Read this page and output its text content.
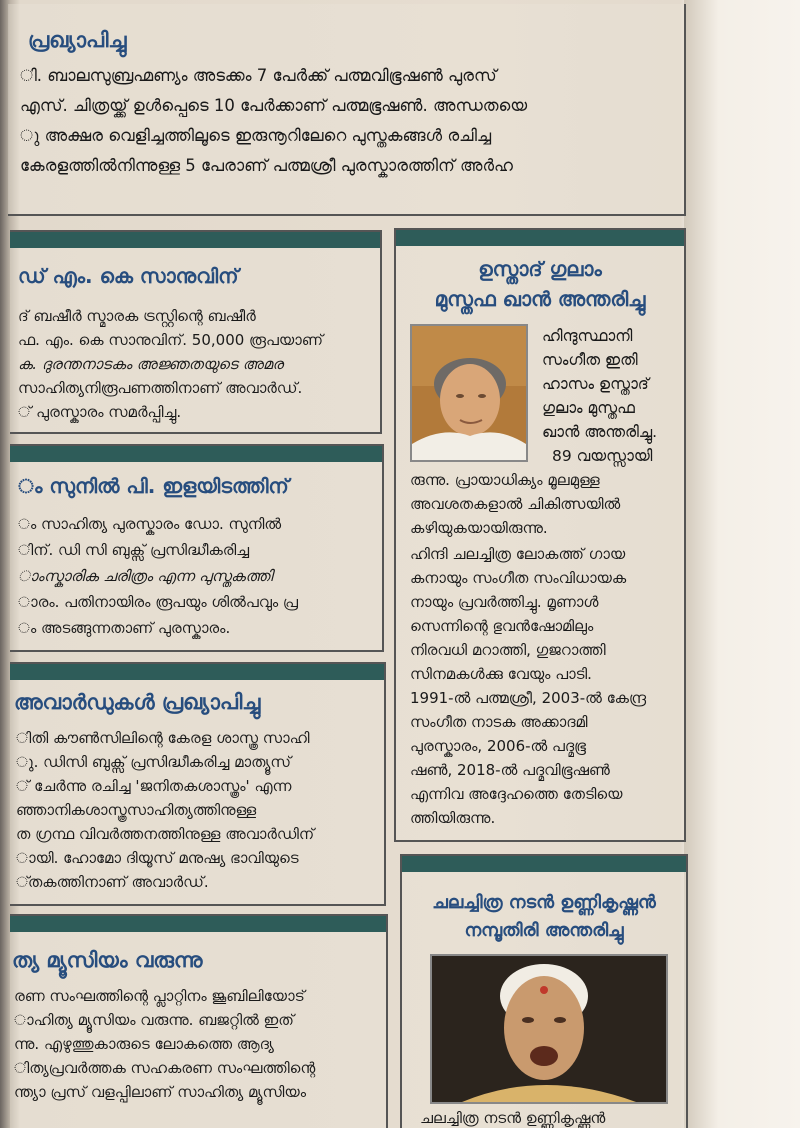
പ്രഖ്യാപിച്ചു
ി. ബാലസുബ്രഹ്മണ്യം അടക്കം 7 പേർക്ക് പത്മവിഭൂഷൺ പുരസ്
എസ്. ചിത്രയ്ക്ക് ഉൾപ്പെടെ 10 പേർക്കാണ് പത്മഭൂഷൺ. അന്ധതയെ
ു അക്ഷര വെളിച്ചത്തിലൂടെ ഇരുനൂറിലേറെ പുസ്തകങ്ങൾ രചിച്ച
കേരളത്തിൽനിന്നുള്ള 5 പേരാണ് പത്മശ്രീ പുരസ്കാരത്തിന് അർഹ
ഡ് എം. കെ സാനുവിന്
ദ് ബഷീർ സ്മാരക ട്രസ്റ്റിന്റെ ബഷീർ
ഫ. എം. കെ സാനുവിന്. 50,000 രൂപയാണ്
ക. ദുരന്തനാടകം അജ്ഞതയുടെ അമര
സാഹിത്യനിരൂപണത്തിനാണ് അവാർഡ്.
് പുരസ്കാരം സമർപ്പിച്ചു.
ം സുനിൽ പി. ഇളയിടത്തിന്
ം സാഹിത്യ പുരസ്കാരം ഡോ. സുനിൽ
ിന്. ഡി സി ബുക്സ് പ്രസിദ്ധീകരിച്ച
ാംസ്കാരിക ചരിത്രം എന്ന പുസ്തകത്തി
ാരം. പതിനായിരം രൂപയും ശിൽപവും പ്ര
ം അടങ്ങുന്നതാണ് പുരസ്കാരം.
അവാർഡുകൾ പ്രഖ്യാപിച്ചു
ിതി കൗൺസിലിന്റെ കേരള ശാസ്ത്ര സാഹി
ു. ഡിസി ബുക്സ് പ്രസിദ്ധീകരിച്ച മാത്യൂസ്
് ചേർന്നു രചിച്ച 'ജനിതകശാസ്ത്രം' എന്ന
ഞ്ഞാനികശാസ്ത്രസാഹിത്യത്തിനുള്ള
ത ഗ്രന്ഥ വിവർത്തനത്തിനുള്ള അവാർഡിന്
ായി. ഹോമോ ദിയൂസ് മനുഷ്യ ഭാവിയുടെ
്തകത്തിനാണ് അവാർഡ്.
ത്യ മ്യൂസിയം വരുന്നു
രണ സംഘത്തിന്റെ പ്ലാറ്റിനം ജൂബിലിയോട്
ാഹിത്യ മ്യൂസിയം വരുന്നു. ബജറ്റിൽ ഇത്
ന്നു. എഴുത്തുകാരുടെ ലോകത്തെ ആദ്യ
ിത്യപ്രവർത്തക സഹകരണ സംഘത്തിന്റെ
ന്ത്യാ പ്രസ് വളപ്പിലാണ് സാഹിത്യ മ്യൂസിയം
ഉസ്താദ് ഗുലാം
മുസ്തഫ ഖാൻ അന്തരിച്ചു
ഹിന്ദുസ്ഥാനി
സംഗീത ഇതി
ഹാസം ഉസ്താദ്
ഗുലാം മുസ്തഫ
ഖാൻ അന്തരിച്ചു.
89 വയസ്സായി
രുന്നു. പ്രായാധിക്യം മൂലമുള്ള
അവശതകളാൽ ചികിത്സയിൽ
കഴിയുകയായിരുന്നു.
ഹിന്ദി ചലച്ചിത്ര ലോകത്ത് ഗായ
കനായും സംഗീത സംവിധായക
നായും പ്രവർത്തിച്ചു. മൃണാൾ
സെന്നിന്റെ ഭുവൻഷോമിലും
നിരവധി മറാത്തി, ഗുജറാത്തി
സിനമകൾക്കു വേയും പാടി.
1991-ൽ പത്മശ്രീ, 2003-ൽ കേന്ദ്ര
സംഗീത നാടക അക്കാദമി
പുരസ്കാരം, 2006-ൽ പദ്മഭൂ
ഷൺ, 2018-ൽ പദ്മവിഭൂഷൺ
എന്നിവ അദ്ദേഹത്തെ തേടിയെ
ത്തിയിരുന്നു.
ചലച്ചിത്ര നടൻ ഉണ്ണികൃഷ്ണൻ
നമ്പൂതിരി അന്തരിച്ചു
ചലച്ചിത്ര നടൻ ഉണ്ണികൃഷ്ണൻ
